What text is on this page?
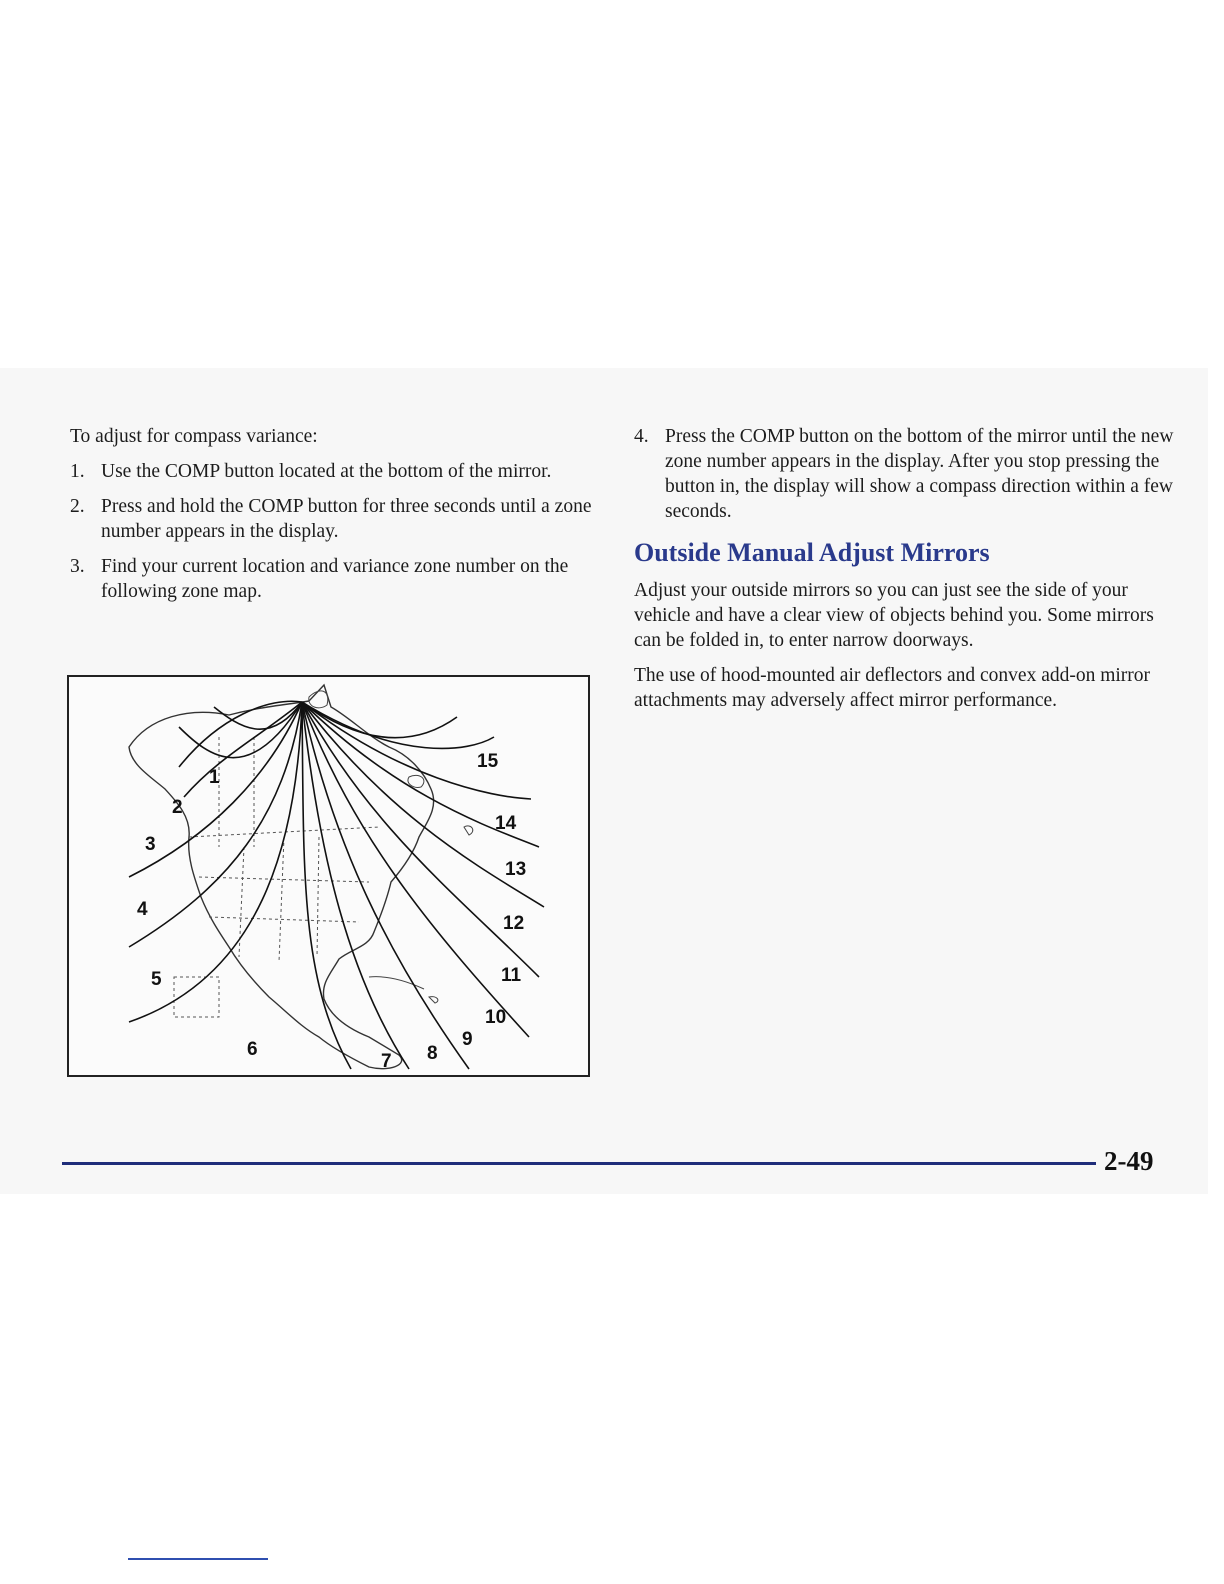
To adjust for compass variance:

1. Use the COMP button located at the bottom of the mirror.
2. Press and hold the COMP button for three seconds until a zone number appears in the display.
3. Find your current location and variance zone number on the following zone map.
1
2
3
4
5
6
7 8
9
10
11
12
13
14
15
4. Press the COMP button on the bottom of the mirror until the new zone number appears in the display. After you stop pressing the button in, the display will show a compass direction within a few seconds.
Outside Manual Adjust Mirrors

Adjust your outside mirrors so you can just see the side of your vehicle and have a clear view of objects behind you. Some mirrors can be folded in, to enter narrow doorways.

The use of hood-mounted air deflectors and convex add-on mirror attachments may adversely affect mirror performance.

2-49
